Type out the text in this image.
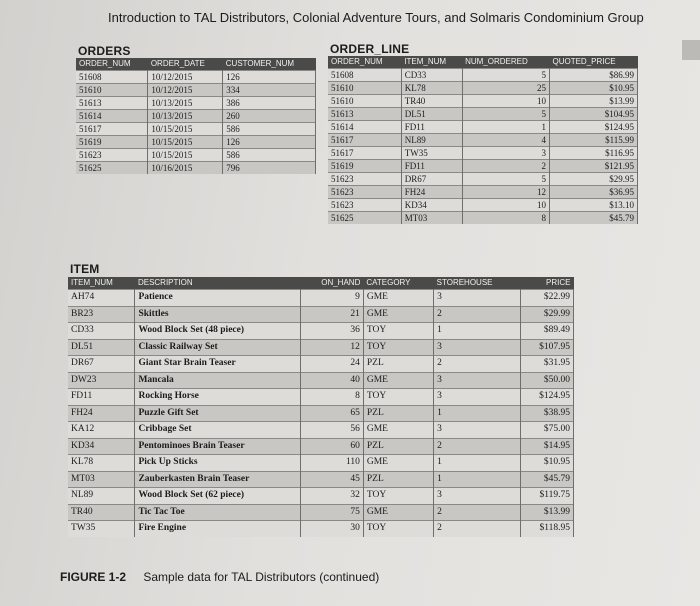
Introduction to TAL Distributors, Colonial Adventure Tours, and Solmaris Condominium Group
ORDERS
ORDER_NUM	ORDER_DATE	CUSTOMER_NUM
51608	10/12/2015	126
51610	10/12/2015	334
51613	10/13/2015	386
51614	10/13/2015	260
51617	10/15/2015	586
51619	10/15/2015	126
51623	10/15/2015	586
51625	10/16/2015	796
ORDER_LINE
ORDER_NUM	ITEM_NUM	NUM_ORDERED	QUOTED_PRICE
51608	CD33	5	$86.99
51610	KL78	25	$10.95
51610	TR40	10	$13.99
51613	DL51	5	$104.95
51614	FD11	1	$124.95
51617	NL89	4	$115.99
51617	TW35	3	$116.95
51619	FD11	2	$121.95
51623	DR67	5	$29.95
51623	FH24	12	$36.95
51623	KD34	10	$13.10
51625	MT03	8	$45.79
ITEM
ITEM_NUM	DESCRIPTION	ON_HAND	CATEGORY	STOREHOUSE	PRICE
AH74	Patience	9	GME	3	$22.99
BR23	Skittles	21	GME	2	$29.99
CD33	Wood Block Set (48 piece)	36	TOY	1	$89.49
DL51	Classic Railway Set	12	TOY	3	$107.95
DR67	Giant Star Brain Teaser	24	PZL	2	$31.95
DW23	Mancala	40	GME	3	$50.00
FD11	Rocking Horse	8	TOY	3	$124.95
FH24	Puzzle Gift Set	65	PZL	1	$38.95
KA12	Cribbage Set	56	GME	3	$75.00
KD34	Pentominoes Brain Teaser	60	PZL	2	$14.95
KL78	Pick Up Sticks	110	GME	1	$10.95
MT03	Zauberkasten Brain Teaser	45	PZL	1	$45.79
NL89	Wood Block Set (62 piece)	32	TOY	3	$119.75
TR40	Tic Tac Toe	75	GME	2	$13.99
TW35	Fire Engine	30	TOY	2	$118.95
FIGURE 1-2 Sample data for TAL Distributors (continued)
